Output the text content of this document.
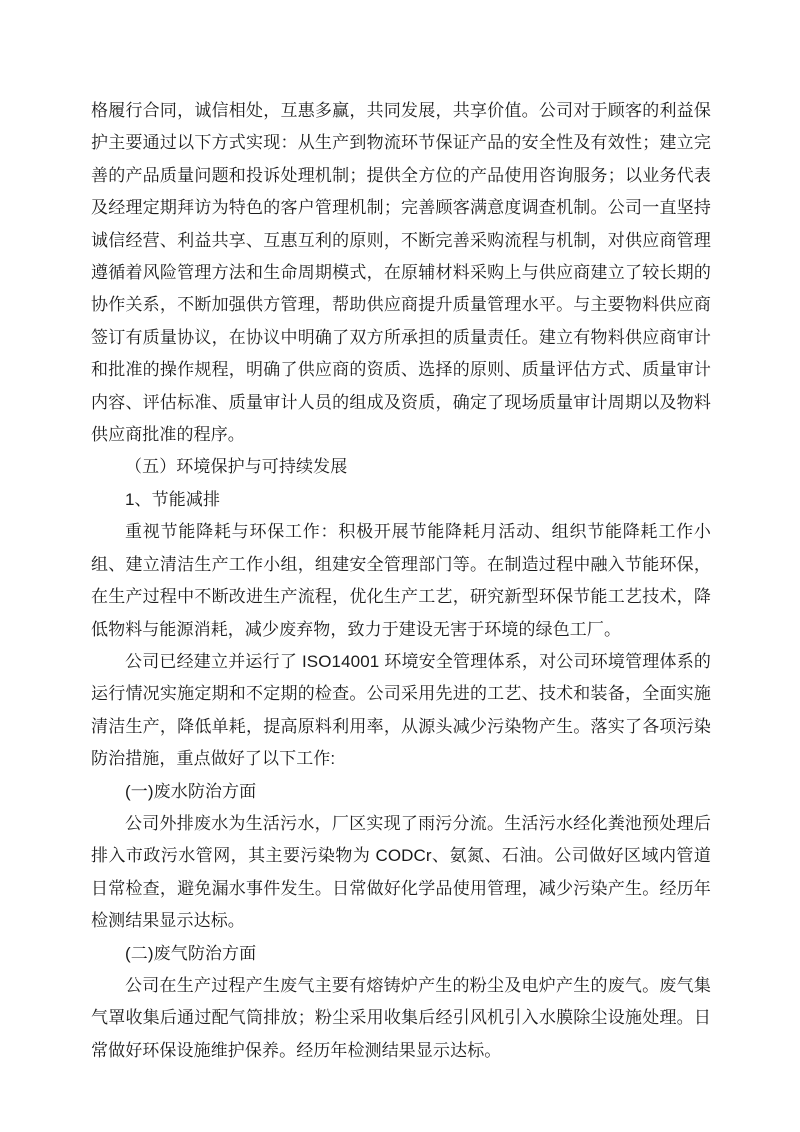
格履行合同，诚信相处，互惠多赢，共同发展，共享价值。公司对于顾客的利益保护主要通过以下方式实现：从生产到物流环节保证产品的安全性及有效性；建立完善的产品质量问题和投诉处理机制；提供全方位的产品使用咨询服务；以业务代表及经理定期拜访为特色的客户管理机制；完善顾客满意度调查机制。公司一直坚持诚信经营、利益共享、互惠互利的原则，不断完善采购流程与机制，对供应商管理遵循着风险管理方法和生命周期模式，在原辅材料采购上与供应商建立了较长期的协作关系，不断加强供方管理，帮助供应商提升质量管理水平。与主要物料供应商签订有质量协议，在协议中明确了双方所承担的质量责任。建立有物料供应商审计和批准的操作规程，明确了供应商的资质、选择的原则、质量评估方式、质量审计内容、评估标准、质量审计人员的组成及资质，确定了现场质量审计周期以及物料供应商批准的程序。

（五）环境保护与可持续发展

1、节能减排

重视节能降耗与环保工作：积极开展节能降耗月活动、组织节能降耗工作小组、建立清洁生产工作小组，组建安全管理部门等。在制造过程中融入节能环保，在生产过程中不断改进生产流程，优化生产工艺，研究新型环保节能工艺技术，降低物料与能源消耗，减少废弃物，致力于建设无害于环境的绿色工厂。

公司已经建立并运行了 ISO14001 环境安全管理体系，对公司环境管理体系的运行情况实施定期和不定期的检查。公司采用先进的工艺、技术和装备，全面实施清洁生产，降低单耗，提高原料利用率，从源头减少污染物产生。落实了各项污染防治措施，重点做好了以下工作:

(一)废水防治方面

公司外排废水为生活污水，厂区实现了雨污分流。生活污水经化粪池预处理后排入市政污水管网，其主要污染物为 CODCr、氨氮、石油。公司做好区域内管道日常检查，避免漏水事件发生。日常做好化学品使用管理，减少污染产生。经历年检测结果显示达标。

(二)废气防治方面

公司在生产过程产生废气主要有熔铸炉产生的粉尘及电炉产生的废气。废气集气罩收集后通过配气筒排放；粉尘采用收集后经引风机引入水膜除尘设施处理。日常做好环保设施维护保养。经历年检测结果显示达标。
